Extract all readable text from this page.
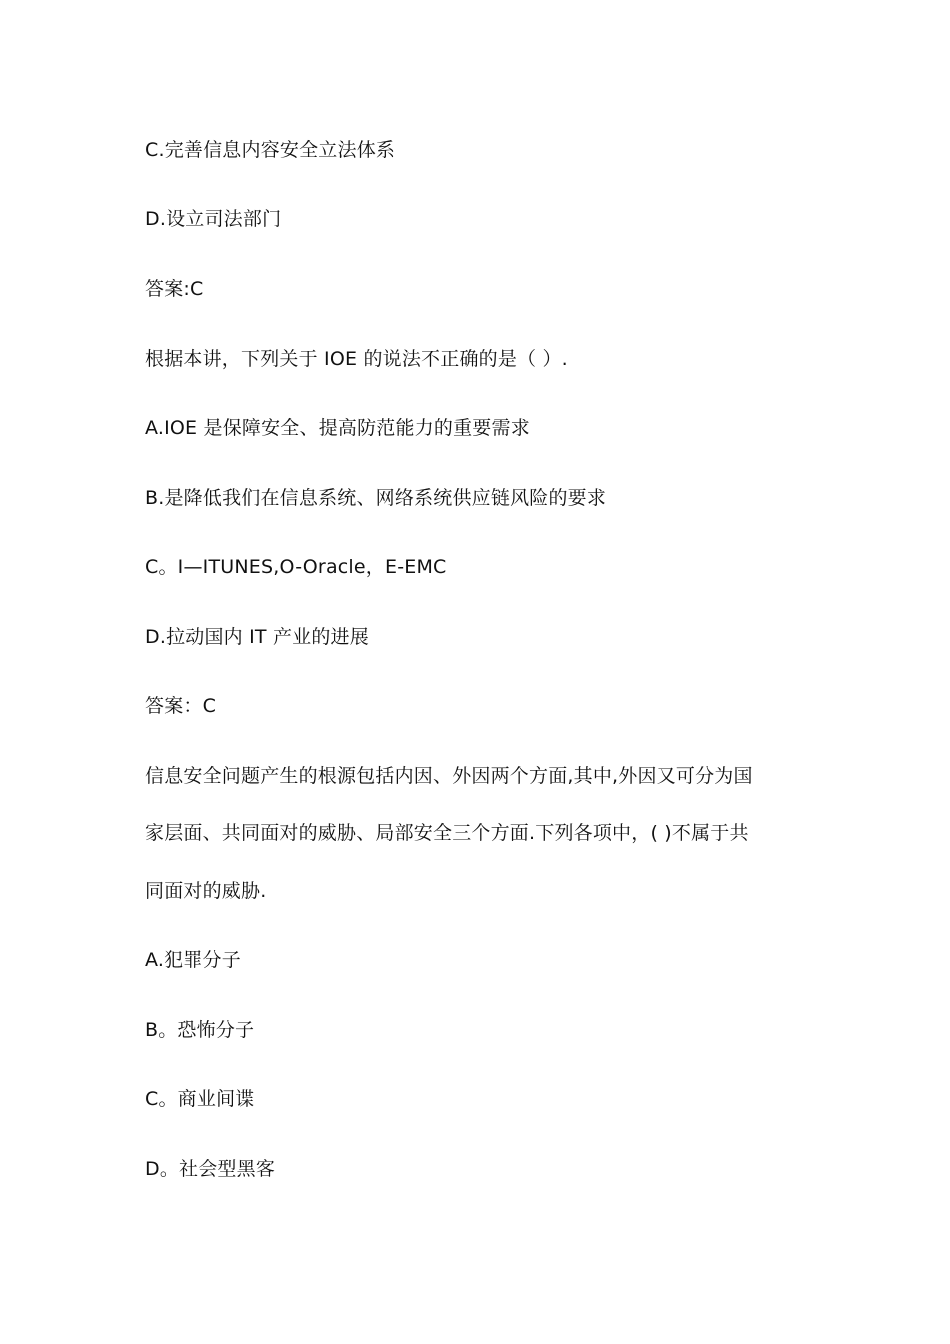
C.完善信息内容安全立法体系
D.设立司法部门
答案:C
根据本讲，下列关于 IOE 的说法不正确的是（ ）.
A.IOE 是保障安全、提高防范能力的重要需求
B.是降低我们在信息系统、网络系统供应链风险的要求
C。I—ITUNES,O-Oracle，E-EMC
D.拉动国内 IT 产业的进展
答案：C
信息安全问题产生的根源包括内因、外因两个方面,其中,外因又可分为国
家层面、共同面对的威胁、局部安全三个方面.下列各项中，( )不属于共
同面对的威胁.
A.犯罪分子
B。恐怖分子
C。商业间谍
D。社会型黑客
